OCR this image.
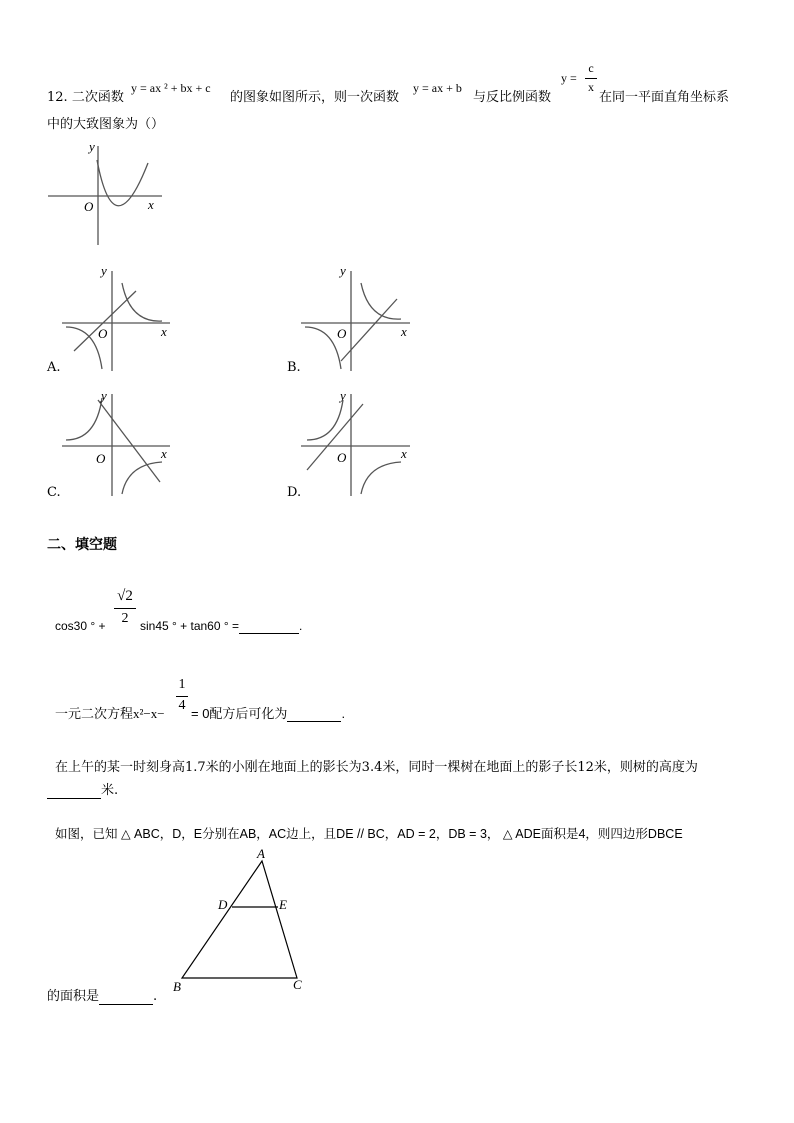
12. 二次函数
y = ax ² + bx + c
的图象如图所示，则一次函数
y = ax + b
与反比例函数
y =
c
x
在同一平面直角坐标系
中的大致图象为（）
y
x
O
y
x
O
A.
y
x
O
B.
y
x
O
C.
y
x
O
D.
二、填空题
cos30 ° +
√2
2 sin45 ° + tan60 ° =	.
一元二次方程x²−x−
1
4
= 0配方后可化为	.
在上午的某一时刻身高1.7米的小刚在地面上的影长为3.4米，同时一棵树在地面上的影子长12米，则树的高度为
米.
如图，已知 △ ABC，D，E分别在AB，AC边上，且DE // BC，AD = 2，DB = 3， △ ADE面积是4，则四边形DBCE
A
D	E
B	C
的面积是	.
